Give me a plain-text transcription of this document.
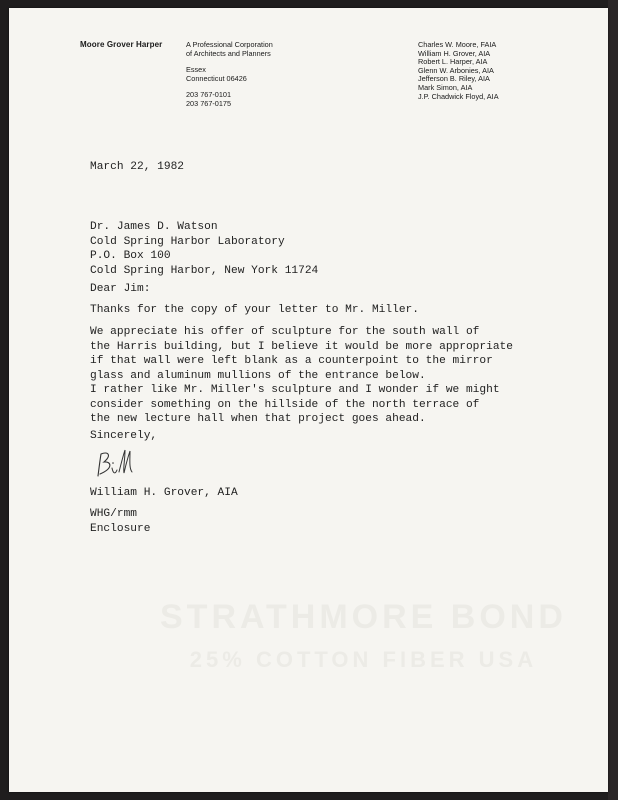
Moore Grover Harper	A Professional Corporation
of Architects and Planners
Essex
Connecticut 06426
203 767-0101
203 767-0175
Charles W. Moore, FAIA
William H. Grover, AIA
Robert L. Harper, AIA
Glenn W. Arbonies, AIA
Jefferson B. Riley, AIA
Mark Simon, AIA
J.P. Chadwick Floyd, AIA
March 22, 1982
Dr. James D. Watson
Cold Spring Harbor Laboratory
P.O. Box 100
Cold Spring Harbor, New York 11724
Dear Jim:
Thanks for the copy of your letter to Mr. Miller.
We appreciate his offer of sculpture for the south wall of
the Harris building, but I believe it would be more appropriate
if that wall were left blank as a counterpoint to the mirror
glass and aluminum mullions of the entrance below.
I rather like Mr. Miller's sculpture and I wonder if we might
consider something on the hillside of the north terrace of
the new lecture hall when that project goes ahead.
Sincerely,
William H. Grover, AIA
WHG/rmm
Enclosure
STRATHMORE BOND
25% COTTON FIBER USA
